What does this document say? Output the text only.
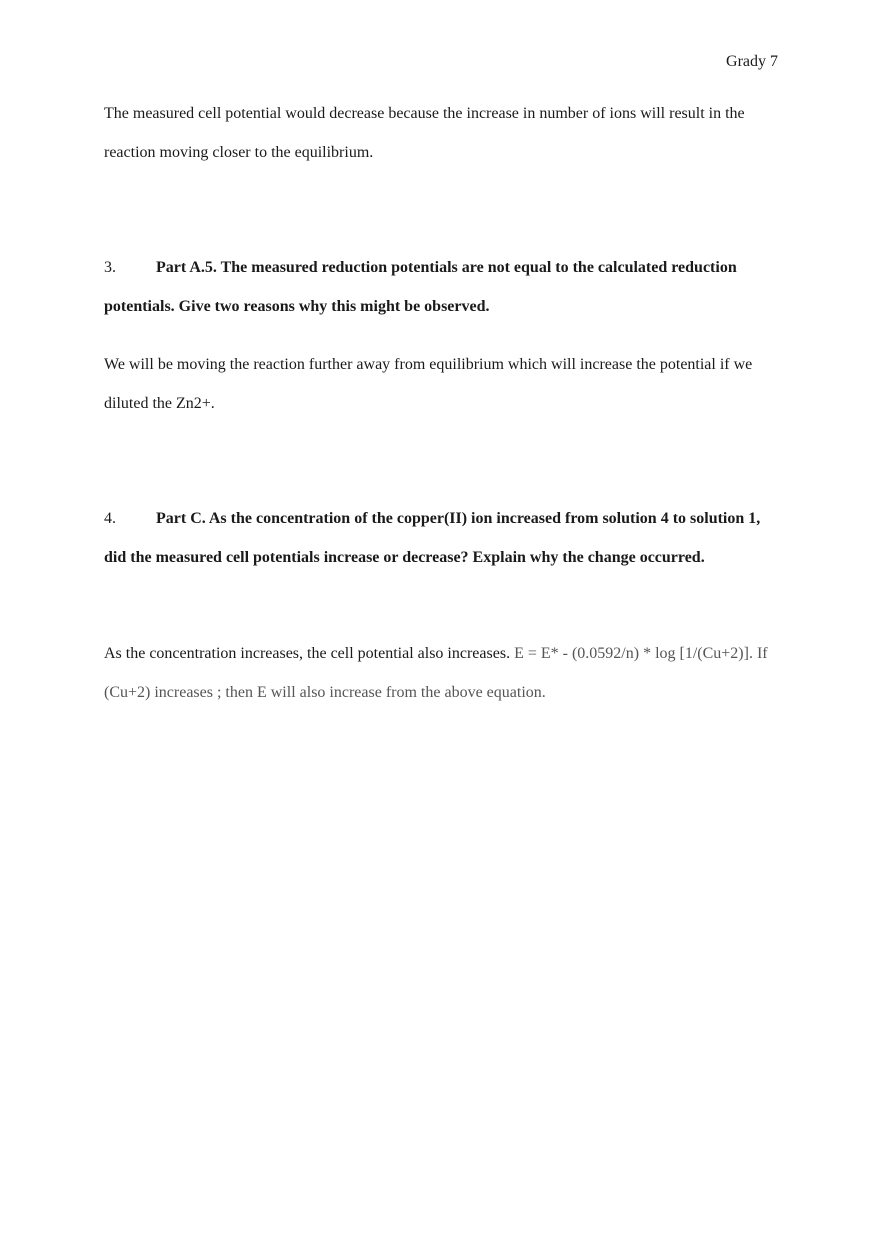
Grady 7

The measured cell potential would decrease because the increase in number of ions will result in the reaction moving closer to the equilibrium.

3.	Part A.5. The measured reduction potentials are not equal to the calculated reduction potentials. Give two reasons why this might be observed.

We will be moving the reaction further away from equilibrium which will increase the potential if we diluted the Zn2+.

4.	Part C. As the concentration of the copper(II) ion increased from solution 4 to solution 1, did the measured cell potentials increase or decrease? Explain why the change occurred.

As the concentration increases, the cell potential also increases. E = E* - (0.0592/n) * log [1/(Cu+2)]. If (Cu+2) increases ; then E will also increase from the above equation.
